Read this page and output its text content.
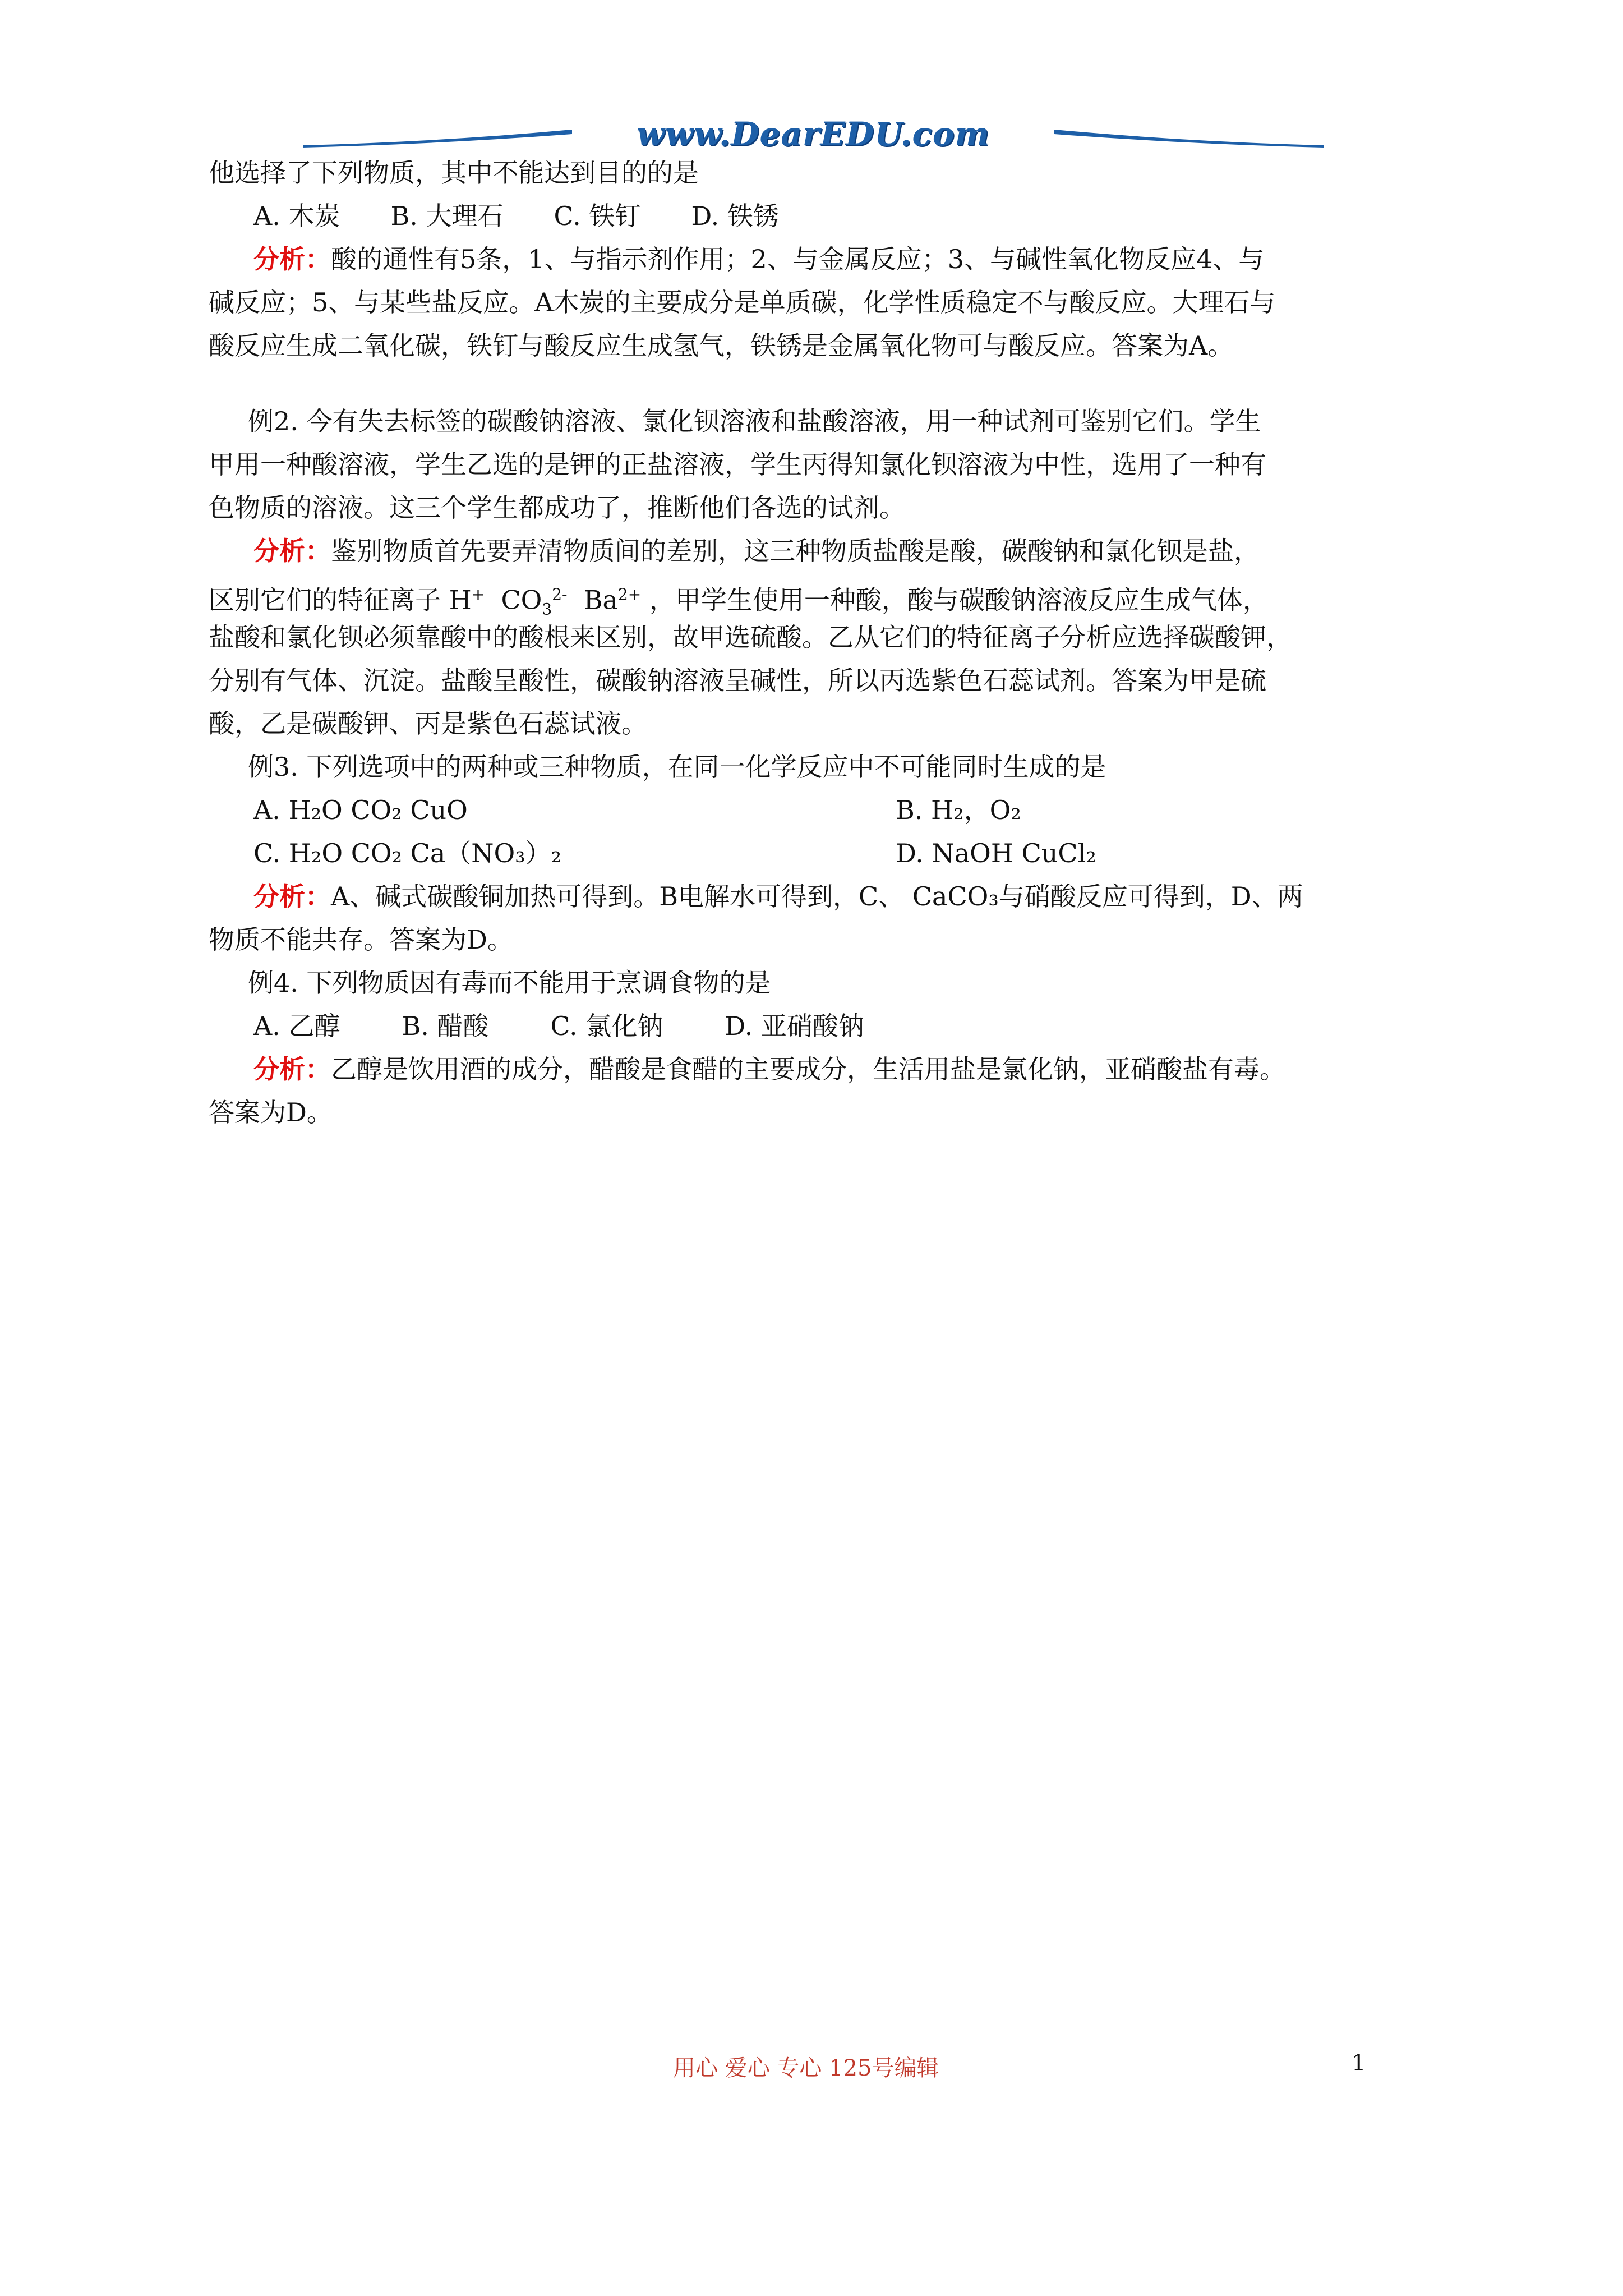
www.DearEDU.com
他选择了下列物质，其中不能达到目的的是
A. 木炭 B. 大理石 C. 铁钉 D. 铁锈
分析：酸的通性有5条，1、与指示剂作用；2、与金属反应；3、与碱性氧化物反应4、与
碱反应；5、与某些盐反应。A木炭的主要成分是单质碳，化学性质稳定不与酸反应。大理石与
酸反应生成二氧化碳，铁钉与酸反应生成氢气，铁锈是金属氧化物可与酸反应。答案为A。
例2. 今有失去标签的碳酸钠溶液、氯化钡溶液和盐酸溶液，用一种试剂可鉴别它们。学生
甲用一种酸溶液，学生乙选的是钾的正盐溶液，学生丙得知氯化钡溶液为中性，选用了一种有
色物质的溶液。这三个学生都成功了，推断他们各选的试剂。
分析：鉴别物质首先要弄清物质间的差别，这三种物质盐酸是酸，碳酸钠和氯化钡是盐，
区别它们的特征离子 H+ $CO_3^{2-}$ $Ba^{2+}$ ，甲学生使用一种酸，酸与碳酸钠溶液反应生成气体，
盐酸和氯化钡必须靠酸中的酸根来区别，故甲选硫酸。乙从它们的特征离子分析应选择碳酸钾，
分别有气体、沉淀。盐酸呈酸性，碳酸钠溶液呈碱性，所以丙选紫色石蕊试剂。答案为甲是硫
酸，乙是碳酸钾、丙是紫色石蕊试液。
例3. 下列选项中的两种或三种物质，在同一化学反应中不可能同时生成的是
A. H₂O CO₂ CuO	B. H₂，O₂
C. H₂O CO₂ Ca（NO₃）₂	D. NaOH CuCl₂
分析：A、碱式碳酸铜加热可得到。B电解水可得到，C、 CaCO₃与硝酸反应可得到，D、两
物质不能共存。答案为D。
例4. 下列物质因有毒而不能用于烹调食物的是
A. 乙醇 B. 醋酸 C. 氯化钠 D. 亚硝酸钠
分析：乙醇是饮用酒的成分，醋酸是食醋的主要成分，生活用盐是氯化钠，亚硝酸盐有毒。
答案为D。
用心 爱心 专心 125号编辑	1
